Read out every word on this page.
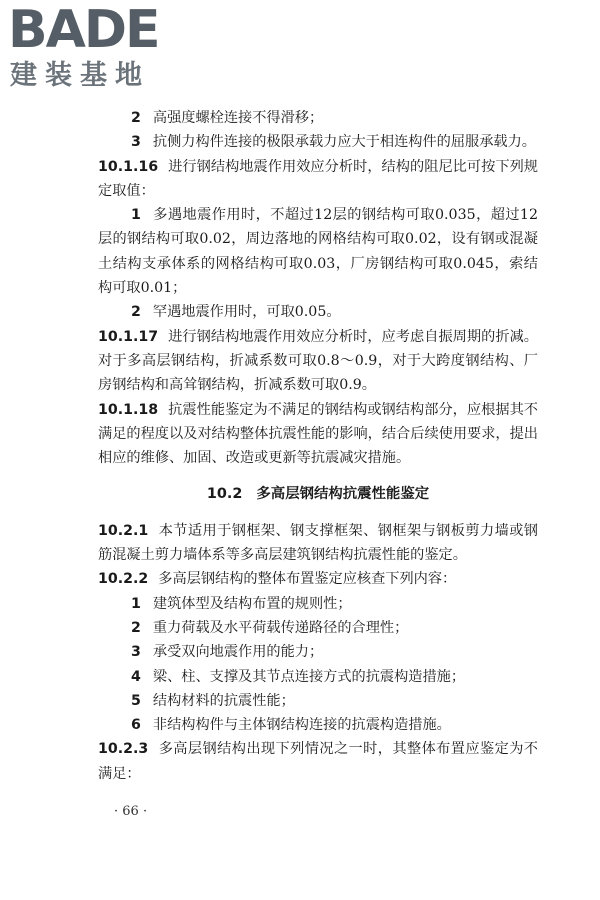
BADE
建装基地

2 高强度螺栓连接不得滑移；

3 抗侧力构件连接的极限承载力应大于相连构件的屈服承载力。

10.1.16 进行钢结构地震作用效应分析时，结构的阻尼比可按下列规定取值：

1 多遇地震作用时，不超过12层的钢结构可取0.035，超过12层的钢结构可取0.02，周边落地的网格结构可取0.02，设有钢或混凝土结构支承体系的网格结构可取0.03，厂房钢结构可取0.045，索结构可取0.01；

2 罕遇地震作用时，可取0.05。

10.1.17 进行钢结构地震作用效应分析时，应考虑自振周期的折减。对于多高层钢结构，折减系数可取0.8～0.9，对于大跨度钢结构、厂房钢结构和高耸钢结构，折减系数可取0.9。

10.1.18 抗震性能鉴定为不满足的钢结构或钢结构部分，应根据其不满足的程度以及对结构整体抗震性能的影响，结合后续使用要求，提出相应的维修、加固、改造或更新等抗震减灾措施。

10.2 多高层钢结构抗震性能鉴定

10.2.1 本节适用于钢框架、钢支撑框架、钢框架与钢板剪力墙或钢筋混凝土剪力墙体系等多高层建筑钢结构抗震性能的鉴定。

10.2.2 多高层钢结构的整体布置鉴定应核查下列内容：

1 建筑体型及结构布置的规则性；

2 重力荷载及水平荷载传递路径的合理性；

3 承受双向地震作用的能力；

4 梁、柱、支撑及其节点连接方式的抗震构造措施；

5 结构材料的抗震性能；

6 非结构构件与主体钢结构连接的抗震构造措施。

10.2.3 多高层钢结构出现下列情况之一时，其整体布置应鉴定为不满足：

· 66 ·
